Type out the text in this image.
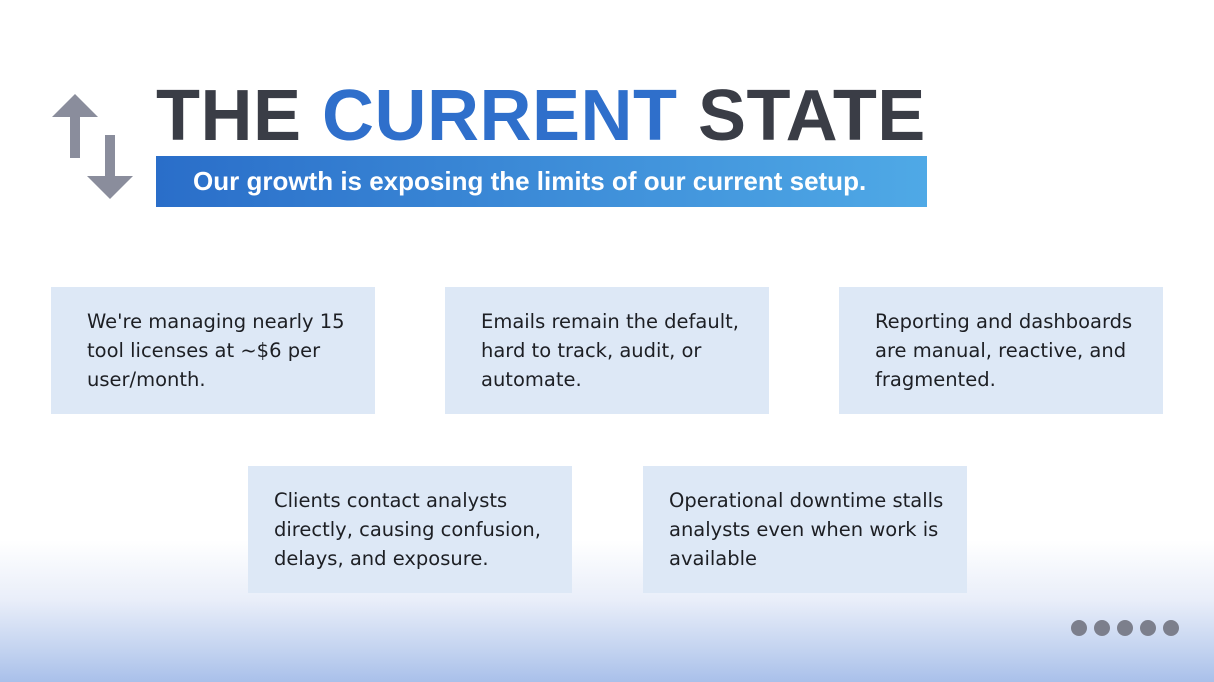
THE CURRENT STATE
Our growth is exposing the limits of our current setup.
We're managing nearly 15 tool licenses at ~$6 per user/month.
Emails remain the default, hard to track, audit, or automate.
Reporting and dashboards are manual, reactive, and fragmented.
Clients contact analysts directly, causing confusion, delays, and exposure.
Operational downtime stalls analysts even when work is available
